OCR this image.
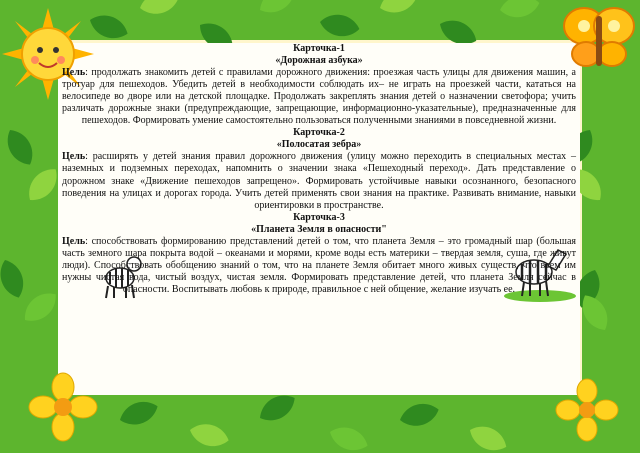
Карточка-1
«Дорожная азбука»
Цель: продолжать знакомить детей с правилами дорожного движения: проезжая часть улицы для движения машин, а тротуар для пешеходов. Убедить детей в необходимости соблюдать их– не играть на проезжей части, кататься на велосипеде во дворе или на детской площадке. Продолжать закреплять знания детей о назначении светофора; учить различать дорожные знаки (предупреждающие, запрещающие, информационно-указательные), предназначенные для пешеходов. Формировать умение самостоятельно пользоваться полученными знаниями в повседневной жизни.
Карточка-2
«Полосатая зебра»
Цель: расширять у детей знания правил дорожного движения (улицу можно переходить в специальных местах – наземных и подземных переходах, напомнить о значении знака «Пешеходный переход». Дать представление о дорожном знаке «Движение пешеходов запрещено». Формировать устойчивые навыки осознанного, безопасного поведения на улицах и дорогах города. Учить детей применять свои знания на практике. Развивать внимание, навыки ориентировки в пространстве.
Карточка-3
«Планета Земля в опасности"
Цель: способствовать формированию представлений детей о том, что планета Земля – это громадный шар (большая часть земного шара покрыта водой – океанами и морями, кроме воды есть материки – твердая земля, суша, где живут люди). Способствовать обобщению знаний о том, что на планете Земля обитает много живых существ, что всем им нужны чистая вода, чистый воздух, чистая земля. Формировать представление детей, что планета Земля сейчас в опасности. Воспитывать любовь к природе, правильное с ней общение, желание изучать ее.
